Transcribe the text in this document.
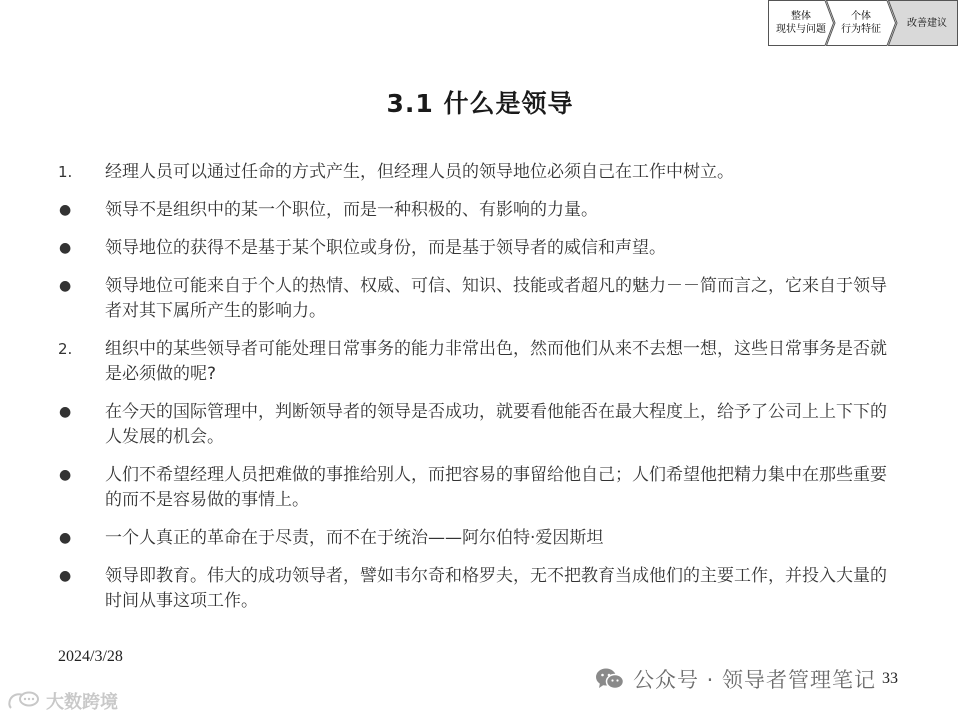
整体
现状与问题
个体
行为特征
改善建议
3.1 什么是领导
1.	经理人员可以通过任命的方式产生，但经理人员的领导地位必须自己在工作中树立。
●	领导不是组织中的某一个职位，而是一种积极的、有影响的力量。
●	领导地位的获得不是基于某个职位或身份，而是基于领导者的威信和声望。
●	领导地位可能来自于个人的热情、权威、可信、知识、技能或者超凡的魅力－－简而言之，它来自于领导者对其下属所产生的影响力。
2.	组织中的某些领导者可能处理日常事务的能力非常出色，然而他们从来不去想一想，这些日常事务是否就是必须做的呢?
●	在今天的国际管理中，判断领导者的领导是否成功，就要看他能否在最大程度上，给予了公司上上下下的人发展的机会。
●	人们不希望经理人员把难做的事推给别人，而把容易的事留给他自己；人们希望他把精力集中在那些重要的而不是容易做的事情上。
●	一个人真正的革命在于尽责，而不在于统治——阿尔伯特·爱因斯坦
●	领导即教育。伟大的成功领导者，譬如韦尔奇和格罗夫，无不把教育当成他们的主要工作，并投入大量的时间从事这项工作。
2024/3/28
公众号 · 领导者管理笔记 33
大数跨境
